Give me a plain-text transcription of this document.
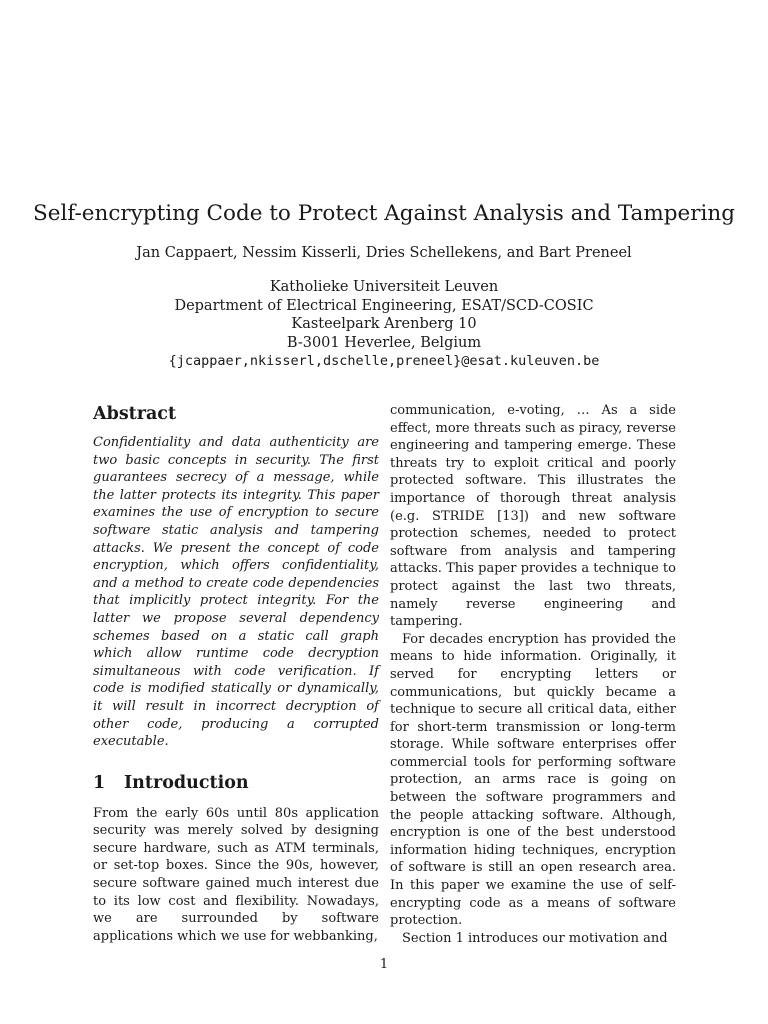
Self-encrypting Code to Protect Against Analysis and Tampering
Jan Cappaert, Nessim Kisserli, Dries Schellekens, and Bart Preneel
Katholieke Universiteit Leuven
Department of Electrical Engineering, ESAT/SCD-COSIC
Kasteelpark Arenberg 10
B-3001 Heverlee, Belgium
{jcappaer,nkisserl,dschelle,preneel}@esat.kuleuven.be
Abstract

Confidentiality and data authenticity are two basic concepts in security. The first guarantees secrecy of a message, while the latter protects its integrity. This paper examines the use of encryption to secure software static analysis and tampering attacks. We present the concept of code encryption, which offers confidentiality, and a method to create code dependencies that implicitly protect integrity. For the latter we propose several dependency schemes based on a static call graph which allow runtime code decryption simultaneous with code verification. If code is modified statically or dynamically, it will result in incorrect decryption of other code, producing a corrupted executable.

1 Introduction

From the early 60s until 80s application security was merely solved by designing secure hardware, such as ATM terminals, or set-top boxes. Since the 90s, however, secure software gained much interest due to its low cost and flexibility. Nowadays, we are surrounded by software applications which we use for webbanking,

communication, e-voting, … As a side effect, more threats such as piracy, reverse engineering and tampering emerge. These threats try to exploit critical and poorly protected software. This illustrates the importance of thorough threat analysis (e.g. STRIDE [13]) and new software protection schemes, needed to protect software from analysis and tampering attacks. This paper provides a technique to protect against the last two threats, namely reverse engineering and tampering.

For decades encryption has provided the means to hide information. Originally, it served for encrypting letters or communications, but quickly became a technique to secure all critical data, either for short-term transmission or long-term storage. While software enterprises offer commercial tools for performing software protection, an arms race is going on between the software programmers and the people attacking software. Although, encryption is one of the best understood information hiding techniques, encryption of software is still an open research area. In this paper we examine the use of self-encrypting code as a means of software protection.

Section 1 introduces our motivation and

1
